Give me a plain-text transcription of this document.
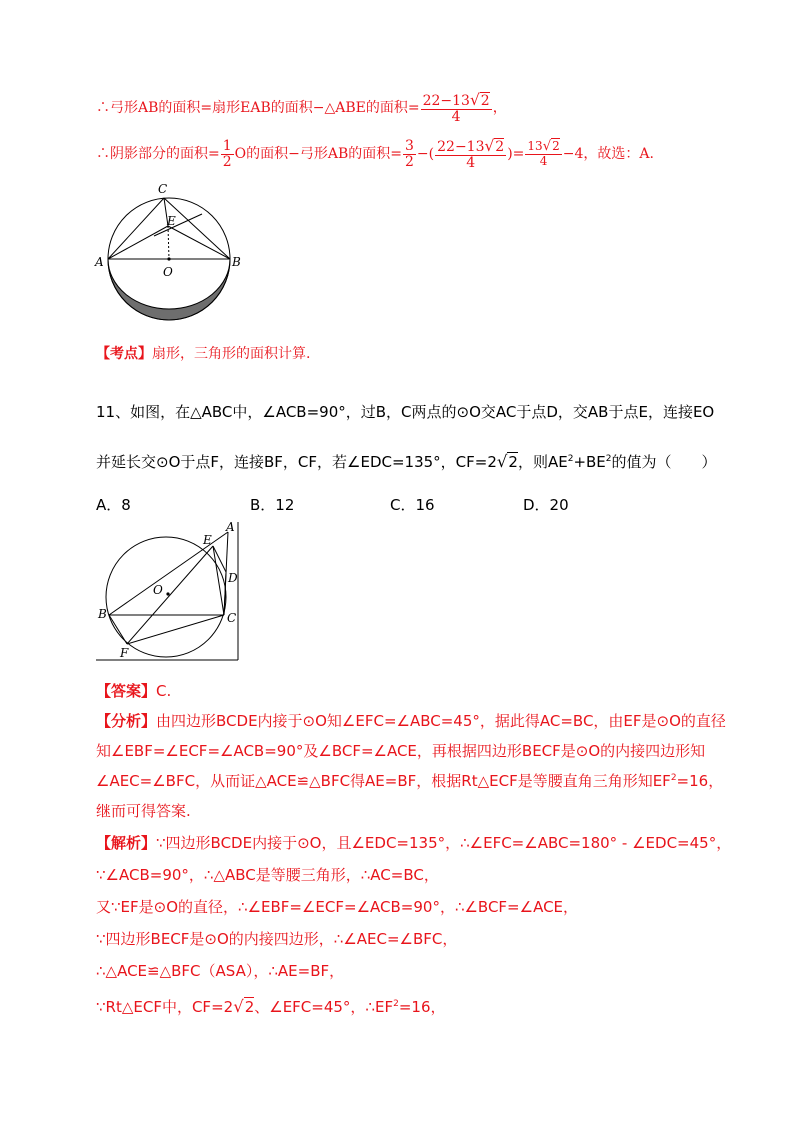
∴弓形AB的面积=扇形EAB的面积−△ABE的面积= $\frac{22-13√2}{4}$ ，
∴阴影部分的面积= $\frac{1}{2}$ O的面积−弓形AB的面积= $\frac{3}{2}$ −( $\frac{22-13√2}{4}$ )= $\frac{13√2}{4} -4$，故选：A.
C
E
A
O
B
【考点】扇形，三角形的面积计算.
11、如图，在△ABC中，∠ACB=90°，过B，C两点的⊙O交AC于点D，交AB于点E，连接EO
并延长交⊙O于点F，连接BF，CF，若∠EDC=135°，CF=2√2，则$AE^2+BE^2$的值为（　　）
A．8	B．12	C．16	D．20
E
A
D
O
B	C
F
【答案】C.
【分析】由四边形BCDE内接于⊙O知∠EFC=∠ABC=45°，据此得AC=BC，由EF是⊙O的直径
知∠EBF=∠ECF=∠ACB=90°及∠BCF=∠ACE，再根据四边形BECF是⊙O的内接四边形知
∠AEC=∠BFC，从而证△ACE≌△BFC得AE=BF，根据Rt△ECF是等腰直角三角形知$EF^2=16$，
继而可得答案.
【解析】∵四边形BCDE内接于⊙O，且∠EDC=135°，∴∠EFC=∠ABC=180° - ∠EDC=45°，
∵∠ACB=90°，∴△ABC是等腰三角形，∴AC=BC，
又∵EF是⊙O的直径，∴∠EBF=∠ECF=∠ACB=90°，∴∠BCF=∠ACE，
∵四边形BECF是⊙O的内接四边形，∴∠AEC=∠BFC，
∴△ACE≌△BFC（ASA），∴AE=BF，
∵Rt△ECF中，CF=2√2、∠EFC=45°，$\therefore EF^2=16$，
